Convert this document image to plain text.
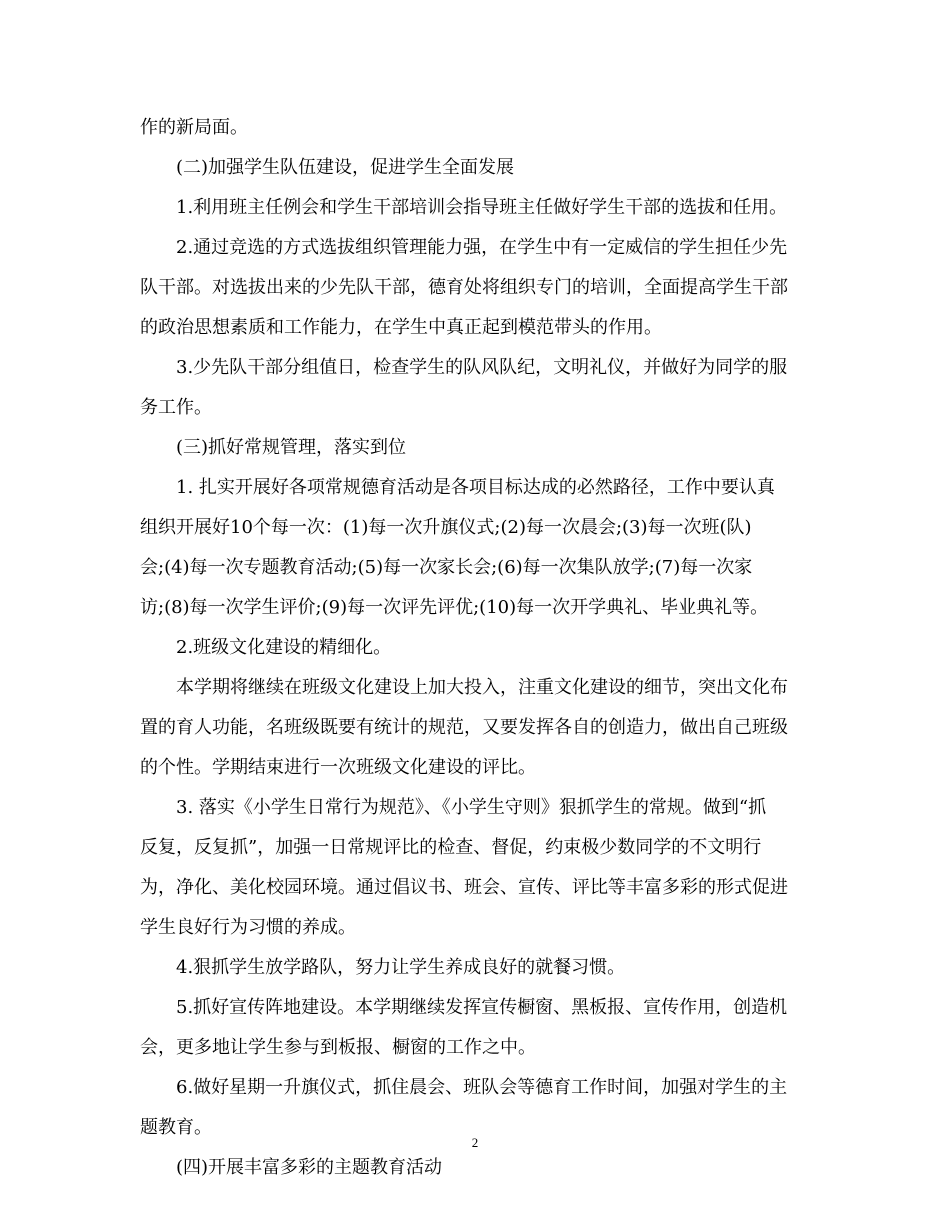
作的新局面。
(二)加强学生队伍建设，促进学生全面发展
1.利用班主任例会和学生干部培训会指导班主任做好学生干部的选拔和任用。
2.通过竞选的方式选拔组织管理能力强，在学生中有一定威信的学生担任少先
队干部。对选拔出来的少先队干部，德育处将组织专门的培训，全面提高学生干部
的政治思想素质和工作能力，在学生中真正起到模范带头的作用。
3.少先队干部分组值日，检查学生的队风队纪，文明礼仪，并做好为同学的服
务工作。
(三)抓好常规管理，落实到位
1. 扎实开展好各项常规德育活动是各项目标达成的必然路径，工作中要认真
组织开展好10个每一次：(1)每一次升旗仪式;(2)每一次晨会;(3)每一次班(队)
会;(4)每一次专题教育活动;(5)每一次家长会;(6)每一次集队放学;(7)每一次家
访;(8)每一次学生评价;(9)每一次评先评优;(10)每一次开学典礼、毕业典礼等。
2.班级文化建设的精细化。
本学期将继续在班级文化建设上加大投入，注重文化建设的细节，突出文化布
置的育人功能，名班级既要有统计的规范，又要发挥各自的创造力，做出自己班级
的个性。学期结束进行一次班级文化建设的评比。
3. 落实《小学生日常行为规范》、《小学生守则》狠抓学生的常规。做到“抓
反复，反复抓”，加强一日常规评比的检查、督促，约束极少数同学的不文明行
为，净化、美化校园环境。通过倡议书、班会、宣传、评比等丰富多彩的形式促进
学生良好行为习惯的养成。
4.狠抓学生放学路队，努力让学生养成良好的就餐习惯。
5.抓好宣传阵地建设。本学期继续发挥宣传橱窗、黑板报、宣传作用，创造机
会，更多地让学生参与到板报、橱窗的工作之中。
6.做好星期一升旗仪式，抓住晨会、班队会等德育工作时间，加强对学生的主
题教育。
(四)开展丰富多彩的主题教育活动
2
